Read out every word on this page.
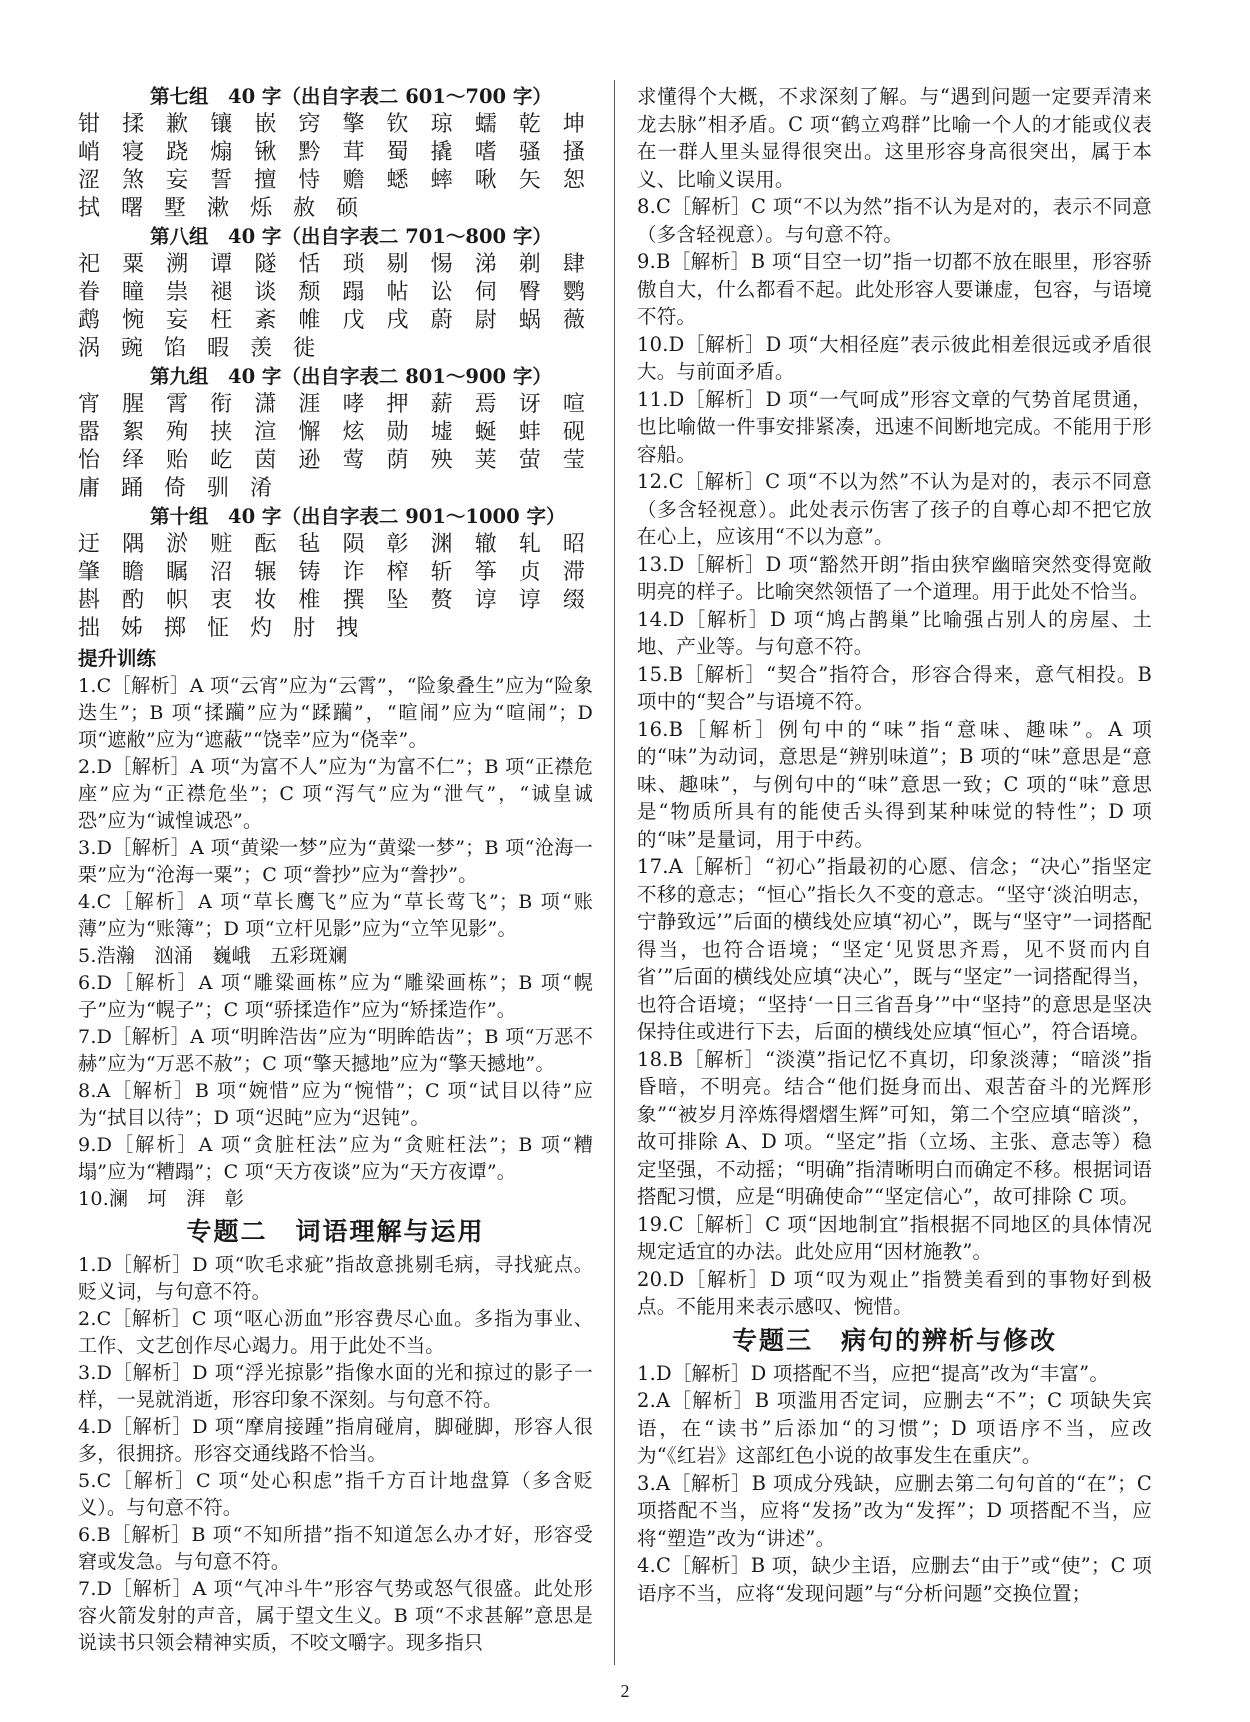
第七组　40 字（出自字表二 601～700 字）
钳 揉 歉 镶 嵌 窍 擎 钦 琼 蠕 乾 坤
峭 寝 跷 煽 锹 黔 茸 蜀 撬 嗜 骚 搔
涩 煞 妄 誓 擅 恃 赡 蟋 蟀 啾 矢 恕
拭 曙 墅 漱 烁 赦 硕
第八组　40 字（出自字表二 701～800 字）
祀 粟 溯 谭 隧 恬 琐 剔 惕 涕 剃 肆
眷 瞳 祟 褪 谈 颓 蹋 帖 讼 伺 臀 鹦
鹉 惋 妄 枉 紊 帷 戊 戌 蔚 尉 蜗 薇
涡 豌 馅 暇 羡 徙
第九组　40 字（出自字表二 801～900 字）
宵 腥 霄 衔 潇 涯 哮 押 薪 焉 讶 喧
嚣 絮 殉 挟 渲 懈 炫 勋 墟 蜒 蚌 砚
怡 绎 贻 屹 茵 逊 莺 荫 殃 荚 萤 莹
庸 踊 倚 驯 淆
第十组　40 字（出自字表二 901～1000 字）
迂 隅 淤 赃 酝 毡 陨 彰 渊 辙 轧 昭
肇 瞻 瞩 沼 辗 铸 诈 榨 斩 筝 贞 滞
斟 酌 帜 衷 妆 椎 撰 坠 赘 谆 谆 缀
拙 姊 掷 怔 灼 肘 拽
提升训练

1.C［解析］A 项“云宵”应为“云霄”，“险象叠生”应为“险象迭生”；B 项“揉躏”应为“蹂躏”，“暄闹”应为“喧闹”；D 项“遮敝”应为“遮蔽”“饶幸”应为“侥幸”。

2.D［解析］A 项“为富不人”应为“为富不仁”；B 项“正襟危座”应为“正襟危坐”；C 项“泻气”应为“泄气”，“诚皇诚恐”应为“诚惶诚恐”。

3.D［解析］A 项“黄梁一梦”应为“黄粱一梦”；B 项“沧海一栗”应为“沧海一粟”；C 项“誊抄”应为“誊抄”。

4.C［解析］A 项“草长鹰飞”应为“草长莺飞”；B 项“账薄”应为“账簿”；D 项“立杆见影”应为“立竿见影”。

5.浩瀚　汹涌　巍峨　五彩斑斓

6.D［解析］A 项“雕粱画栋”应为“雕梁画栋”；B 项“幌子”应为“幌子”；C 项“骄揉造作”应为“矫揉造作”。

7.D［解析］A 项“明眸浩齿”应为“明眸皓齿”；B 项“万恶不赫”应为“万恶不赦”；C 项“擎天撼地”应为“擎天撼地”。

8.A［解析］B 项“婉惜”应为“惋惜”；C 项“试目以待”应为“拭目以待”；D 项“迟盹”应为“迟钝”。

9.D［解析］A 项“贪脏枉法”应为“贪赃枉法”；B 项“糟塌”应为“糟蹋”；C 项“天方夜谈”应为“天方夜谭”。

10.澜　坷　湃　彰

专题二 词语理解与运用

1.D［解析］D 项“吹毛求疵”指故意挑剔毛病，寻找疵点。贬义词，与句意不符。

2.C［解析］C 项“呕心沥血”形容费尽心血。多指为事业、工作、文艺创作尽心竭力。用于此处不当。

3.D［解析］D 项“浮光掠影”指像水面的光和掠过的影子一样，一晃就消逝，形容印象不深刻。与句意不符。

4.D［解析］D 项“摩肩接踵”指肩碰肩，脚碰脚，形容人很多，很拥挤。形容交通线路不恰当。

5.C［解析］C 项“处心积虑”指千方百计地盘算（多含贬义）。与句意不符。

6.B［解析］B 项“不知所措”指不知道怎么办才好，形容受窘或发急。与句意不符。

7.D［解析］A 项“气冲斗牛”形容气势或怒气很盛。此处形容火箭发射的声音，属于望文生义。B 项“不求甚解”意思是说读书只领会精神实质，不咬文嚼字。现多指只

求懂得个大概，不求深刻了解。与“遇到问题一定要弄清来龙去脉”相矛盾。C 项“鹤立鸡群”比喻一个人的才能或仪表在一群人里头显得很突出。这里形容身高很突出，属于本义、比喻义误用。

8.C［解析］C 项“不以为然”指不认为是对的，表示不同意（多含轻视意）。与句意不符。

9.B［解析］B 项“目空一切”指一切都不放在眼里，形容骄傲自大，什么都看不起。此处形容人要谦虚，包容，与语境不符。

10.D［解析］D 项“大相径庭”表示彼此相差很远或矛盾很大。与前面矛盾。

11.D［解析］D 项“一气呵成”形容文章的气势首尾贯通，也比喻做一件事安排紧凑，迅速不间断地完成。不能用于形容船。

12.C［解析］C 项“不以为然”不认为是对的，表示不同意（多含轻视意）。此处表示伤害了孩子的自尊心却不把它放在心上，应该用“不以为意”。

13.D［解析］D 项“豁然开朗”指由狭窄幽暗突然变得宽敞明亮的样子。比喻突然领悟了一个道理。用于此处不恰当。

14.D［解析］D 项“鸠占鹊巢”比喻强占别人的房屋、土地、产业等。与句意不符。

15.B［解析］“契合”指符合，形容合得来，意气相投。B 项中的“契合”与语境不符。

16.B［解析］例句中的“味”指“意味、趣味”。A 项的“味”为动词，意思是“辨别味道”；B 项的“味”意思是“意味、趣味”，与例句中的“味”意思一致；C 项的“味”意思是“物质所具有的能使舌头得到某种味觉的特性”；D 项的“味”是量词，用于中药。

17.A［解析］“初心”指最初的心愿、信念；“决心”指坚定不移的意志；“恒心”指长久不变的意志。“坚守‘淡泊明志，宁静致远’”后面的横线处应填“初心”，既与“坚守”一词搭配得当，也符合语境；“坚定‘见贤思齐焉，见不贤而内自省’”后面的横线处应填“决心”，既与“坚定”一词搭配得当，也符合语境；“坚持‘一日三省吾身’”中“坚持”的意思是坚决保持住或进行下去，后面的横线处应填“恒心”，符合语境。

18.B［解析］“淡漠”指记忆不真切，印象淡薄；“暗淡”指昏暗，不明亮。结合“他们挺身而出、艰苦奋斗的光辉形象”“被岁月淬炼得熠熠生辉”可知，第二个空应填“暗淡”，故可排除 A、D 项。“坚定”指（立场、主张、意志等）稳定坚强，不动摇；“明确”指清晰明白而确定不移。根据词语搭配习惯，应是“明确使命”“坚定信心”，故可排除 C 项。

19.C［解析］C 项“因地制宜”指根据不同地区的具体情况规定适宜的办法。此处应用“因材施教”。

20.D［解析］D 项“叹为观止”指赞美看到的事物好到极点。不能用来表示感叹、惋惜。

专题三 病句的辨析与修改

1.D［解析］D 项搭配不当，应把“提高”改为“丰富”。

2.A［解析］B 项滥用否定词，应删去“不”；C 项缺失宾语，在“读书”后添加“的习惯”；D 项语序不当，应改为“《红岩》这部红色小说的故事发生在重庆”。

3.A［解析］B 项成分残缺，应删去第二句句首的“在”；C 项搭配不当，应将“发扬”改为“发挥”；D 项搭配不当，应将“塑造”改为“讲述”。

4.C［解析］B 项，缺少主语，应删去“由于”或“使”；C 项语序不当，应将“发现问题”与“分析问题”交换位置；

2
